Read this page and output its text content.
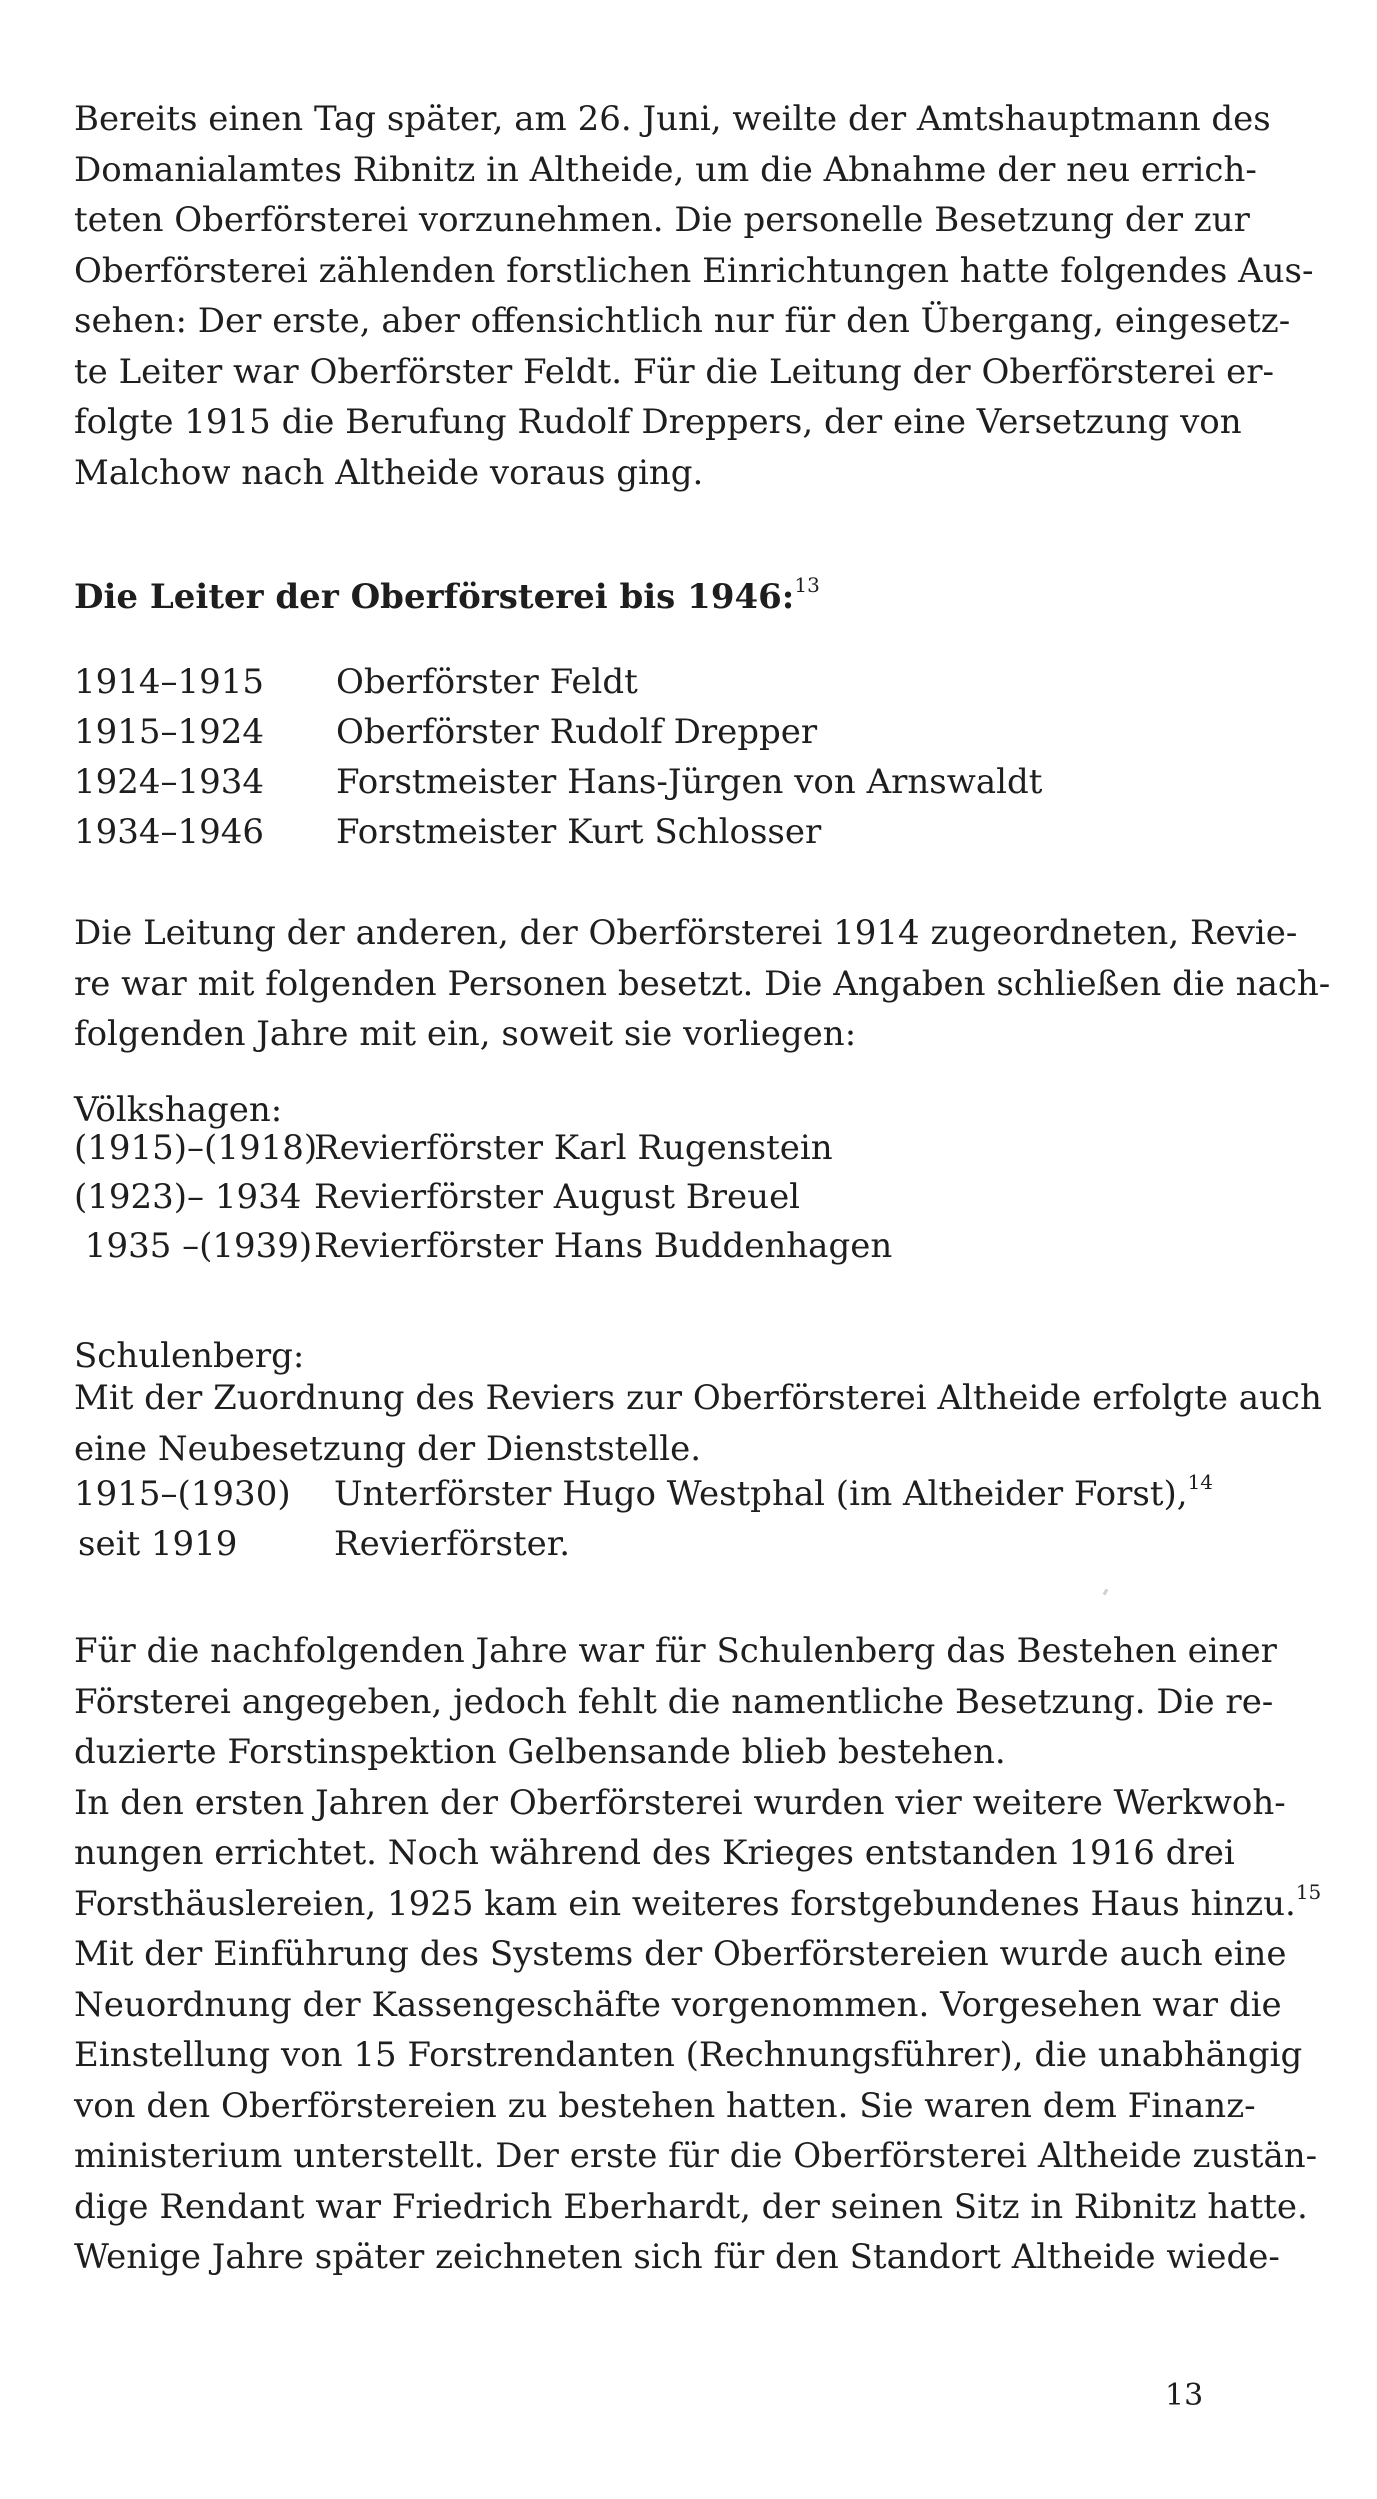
Bereits einen Tag später, am 26. Juni, weilte der Amtshauptmann des
Domanialamtes Ribnitz in Altheide, um die Abnahme der neu errich-
teten Oberförsterei vorzunehmen. Die personelle Besetzung der zur
Oberförsterei zählenden forstlichen Einrichtungen hatte folgendes Aus-
sehen: Der erste, aber offensichtlich nur für den Übergang, eingesetz-
te Leiter war Oberförster Feldt. Für die Leitung der Oberförsterei er-
folgte 1915 die Berufung Rudolf Dreppers, der eine Versetzung von
Malchow nach Altheide voraus ging.
Die Leiter der Oberförsterei bis 1946:$^{13}$
1914–1915 Oberförster Feldt
1915–1924 Oberförster Rudolf Drepper
1924–1934 Forstmeister Hans-Jürgen von Arnswaldt
1934–1946 Forstmeister Kurt Schlosser
Die Leitung der anderen, der Oberförsterei 1914 zugeordneten, Revie-
re war mit folgenden Personen besetzt. Die Angaben schließen die nach-
folgenden Jahre mit ein, soweit sie vorliegen:

Völkshagen:

(1915)–(1918)
Revierförster Karl Rugenstein
(1923)– 1934 Revierförster August Breuel
1935 –(1939) Revierförster Hans Buddenhagen

Schulenberg:

Mit der Zuordnung des Reviers zur Oberförsterei Altheide erfolgte auch
eine Neubesetzung der Dienststelle.
1915–(1930) Unterförster Hugo Westphal (im Altheider Forst),$^{14}$
seit 1919	Revierförster.
Für die nachfolgenden Jahre war für Schulenberg das Bestehen einer
Försterei angegeben, jedoch fehlt die namentliche Besetzung. Die re-
duzierte Forstinspektion Gelbensande blieb bestehen.
In den ersten Jahren der Oberförsterei wurden vier weitere Werkwoh-
nungen errichtet. Noch während des Krieges entstanden 1916 drei
Forsthäuslereien, 1925 kam ein weiteres forstgebundenes Haus hinzu.$^{15}$
Mit der Einführung des Systems der Oberförstereien wurde auch eine
Neuordnung der Kassengeschäfte vorgenommen. Vorgesehen war die
Einstellung von 15 Forstrendanten (Rechnungsführer), die unabhängig
von den Oberförstereien zu bestehen hatten. Sie waren dem Finanz-
ministerium unterstellt. Der erste für die Oberförsterei Altheide zustän-
dige Rendant war Friedrich Eberhardt, der seinen Sitz in Ribnitz hatte.
Wenige Jahre später zeichneten sich für den Standort Altheide wiede-
13
